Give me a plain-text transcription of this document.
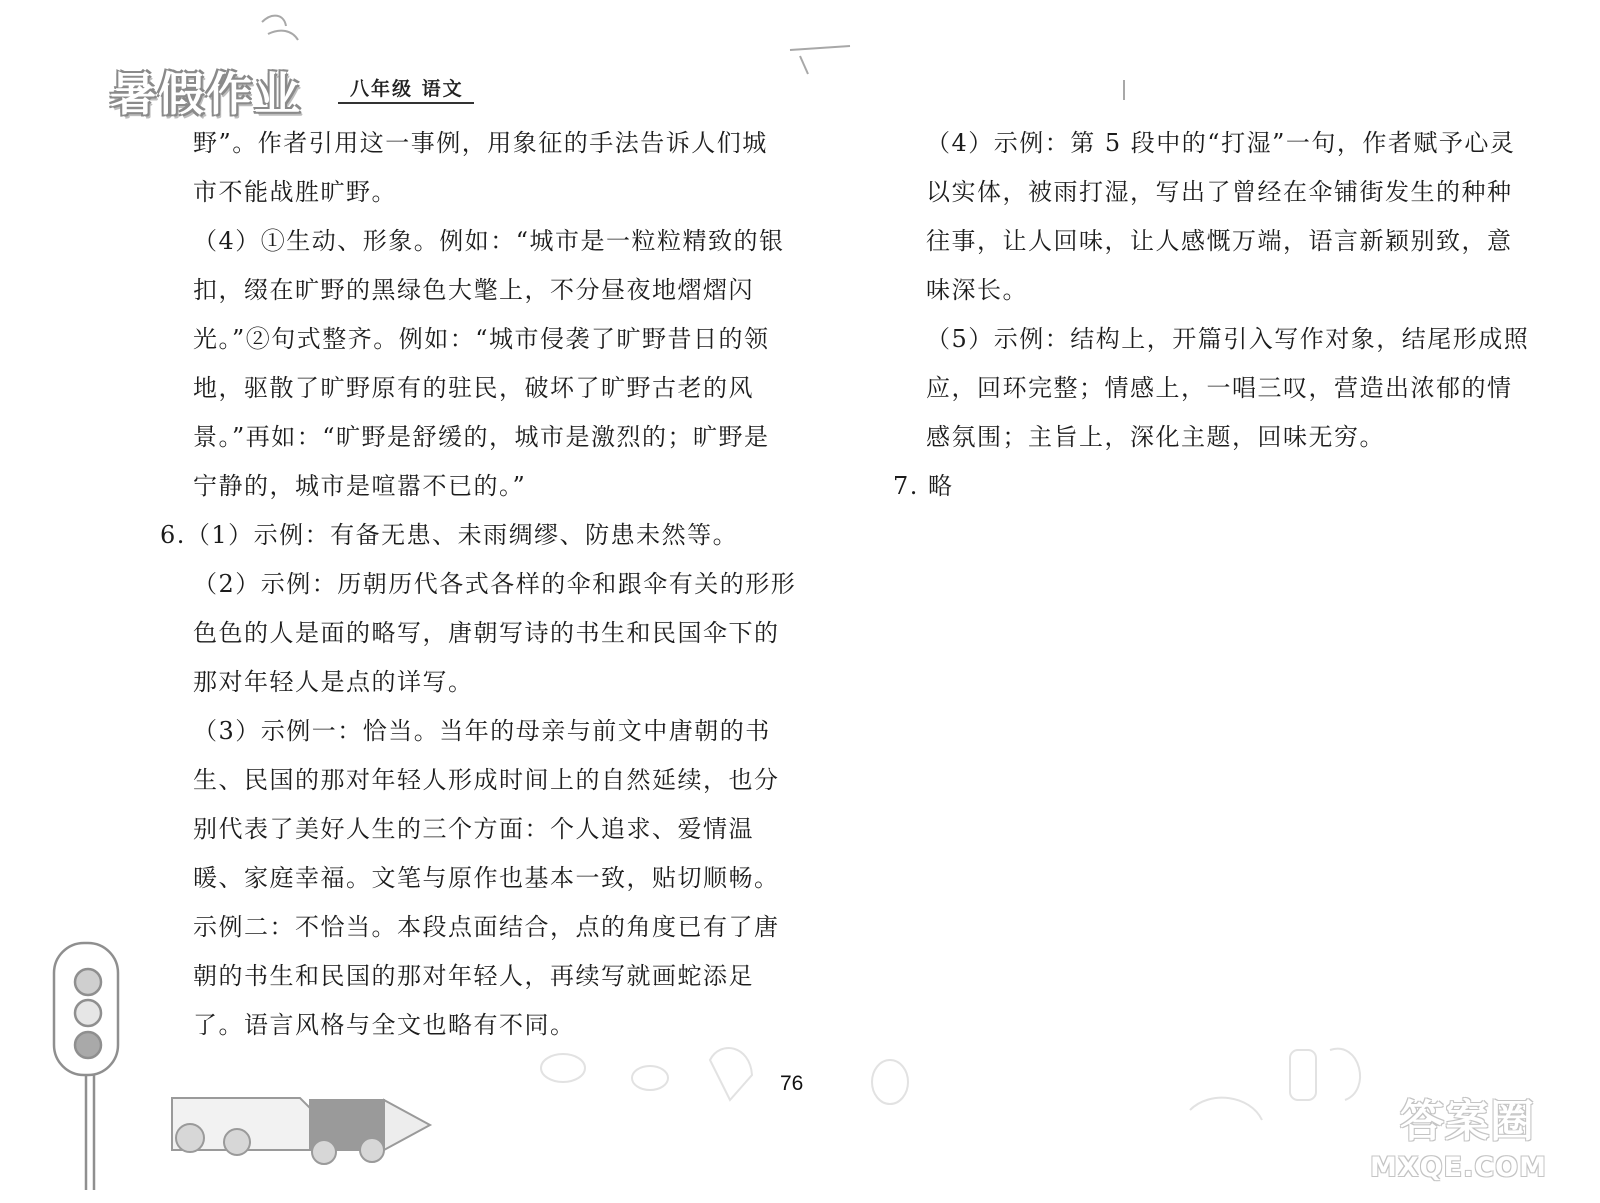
暑假作业	八年级 语文

野”。作者引用这一事例，用象征的手法告诉人们城

市不能战胜旷野。

（4）①生动、形象。例如：“城市是一粒粒精致的银

扣，缀在旷野的黑绿色大氅上，不分昼夜地熠熠闪

光。”②句式整齐。例如：“城市侵袭了旷野昔日的领

地，驱散了旷野原有的驻民，破坏了旷野古老的风

景。”再如：“旷野是舒缓的，城市是激烈的；旷野是

宁静的，城市是喧嚣不已的。”

6.（1）示例：有备无患、未雨绸缪、防患未然等。

（2）示例：历朝历代各式各样的伞和跟伞有关的形形

色色的人是面的略写，唐朝写诗的书生和民国伞下的

那对年轻人是点的详写。

（3）示例一：恰当。当年的母亲与前文中唐朝的书

生、民国的那对年轻人形成时间上的自然延续，也分

别代表了美好人生的三个方面：个人追求、爱情温

暖、家庭幸福。文笔与原作也基本一致，贴切顺畅。

示例二：不恰当。本段点面结合，点的角度已有了唐

朝的书生和民国的那对年轻人，再续写就画蛇添足

了。语言风格与全文也略有不同。

（4）示例：第 5 段中的“打湿”一句，作者赋予心灵

以实体，被雨打湿，写出了曾经在伞铺街发生的种种

往事，让人回味，让人感慨万端，语言新颖别致，意

味深长。

（5）示例：结构上，开篇引入写作对象，结尾形成照

应，回环完整；情感上，一唱三叹，营造出浓郁的情

感氛围；主旨上，深化主题，回味无穷。

7. 略

76
答案圈
MXQE.COM
